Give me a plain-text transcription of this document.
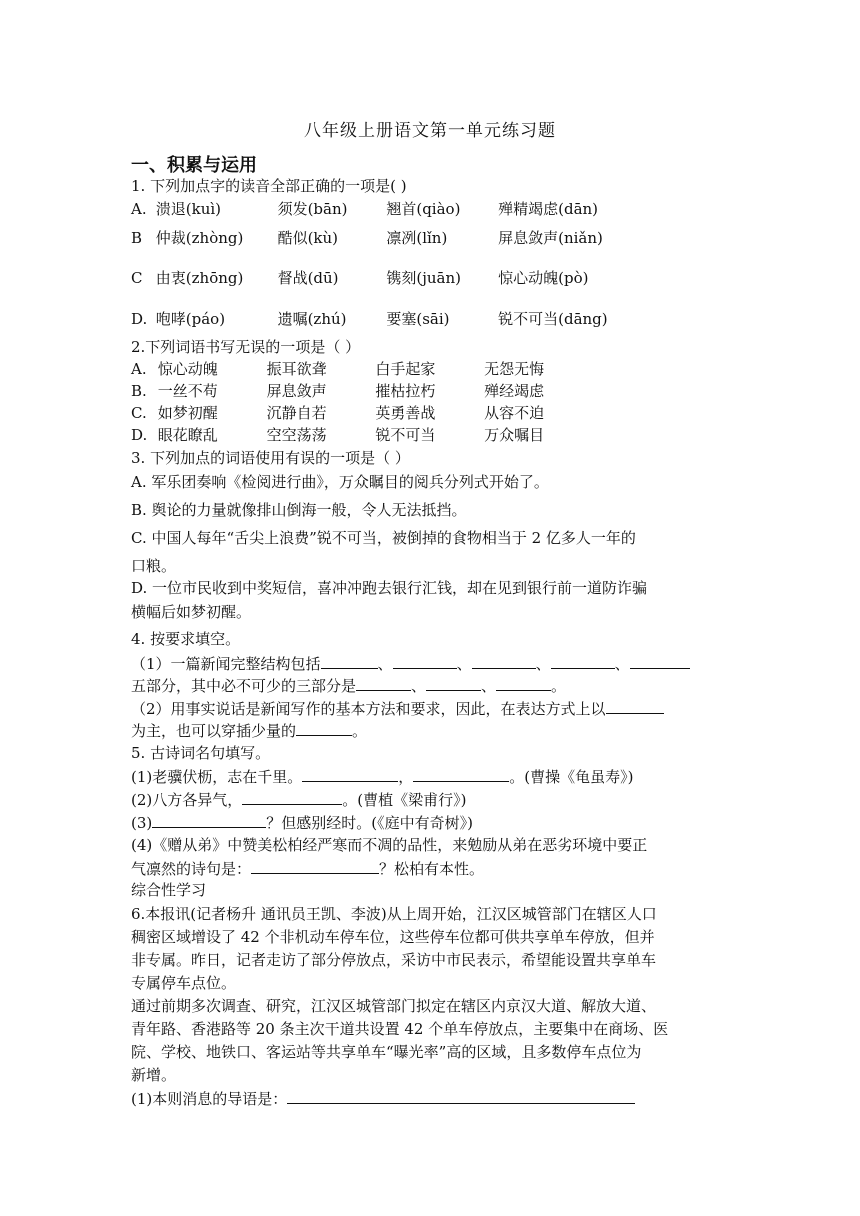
八年级上册语文第一单元练习题
一、积累与运用
1. 下列加点字的读音全部正确的一项是( )
A. 溃退(kuì)	须发(bān)	翘首(qiào)	殚精竭虑(dān)
B 仲裁(zhòng) 酷似(kù)	凛冽(lǐn)	屏息敛声(niǎn)
C 由衷(zhōng) 督战(dū)	镌刻(juān) 惊心动魄(pò)
D. 咆哮(páo)	遗嘱(zhú)	要塞(sāi)	锐不可当(dāng)
2.下列词语书写无误的一项是（ ）
A. 惊心动魄	振耳欲聋	白手起家	无怨无悔
B. 一丝不苟	屏息敛声	摧枯拉朽	殚经竭虑
C. 如梦初醒	沉静自若	英勇善战	从容不迫
D. 眼花瞭乱	空空荡荡	锐不可当	万众嘱目
3. 下列加点的词语使用有误的一项是（ ）
A. 军乐团奏响《检阅进行曲》，万众瞩目的阅兵分列式开始了。
B. 舆论的力量就像排山倒海一般，令人无法抵挡。
C. 中国人每年“舌尖上浪费”锐不可当，被倒掉的食物相当于 2 亿多人一年的
口粮。
D. 一位市民收到中奖短信，喜冲冲跑去银行汇钱，却在见到银行前一道防诈骗
横幅后如梦初醒。
4. 按要求填空。
（1）一篇新闻完整结构包括	、	、	、	、
五部分，其中必不可少的三部分是	、	、	。
（2）用事实说话是新闻写作的基本方法和要求，因此，在表达方式上以
为主，也可以穿插少量的	。
5. 古诗词名句填写。
(1)老骥伏枥，志在千里。	，	。(曹操《龟虽寿》)
(2)八方各异气，	。(曹植《梁甫行》)
(3)	？但感别经时。(《庭中有奇树》)
(4)《赠从弟》中赞美松柏经严寒而不凋的品性，来勉励从弟在恶劣环境中要正
气凛然的诗句是：	？松柏有本性。
综合性学习
6.本报讯(记者杨升 通讯员王凯、李波)从上周开始，江汉区城管部门在辖区人口
稠密区域增设了 42 个非机动车停车位，这些停车位都可供共享单车停放，但并
非专属。昨日，记者走访了部分停放点，采访中市民表示，希望能设置共享单车
专属停车点位。
通过前期多次调查、研究，江汉区城管部门拟定在辖区内京汉大道、解放大道、
青年路、香港路等 20 条主次干道共设置 42 个单车停放点，主要集中在商场、医
院、学校、地铁口、客运站等共享单车“曝光率”高的区域，且多数停车点位为
新增。
(1)本则消息的导语是：
